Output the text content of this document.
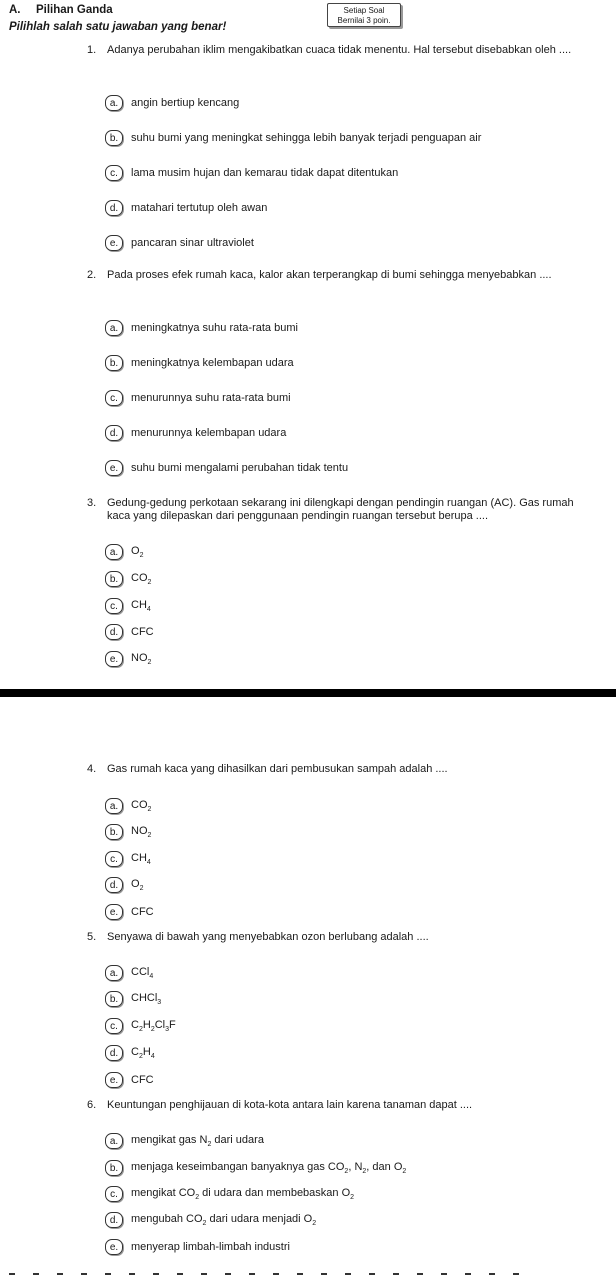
A. Pilihan Ganda
Pilihlah salah satu jawaban yang benar!
Setiap Soal
Bernilai 3 poin.
1. Adanya perubahan iklim mengakibatkan cuaca tidak menentu. Hal tersebut disebabkan oleh ....
a.	angin bertiup kencang
b.	suhu bumi yang meningkat sehingga lebih banyak terjadi penguapan air
c.	lama musim hujan dan kemarau tidak dapat ditentukan
d.	matahari tertutup oleh awan
e.	pancaran sinar ultraviolet
2. Pada proses efek rumah kaca, kalor akan terperangkap di bumi sehingga menyebabkan ....
a.	meningkatnya suhu rata-rata bumi
b.	meningkatnya kelembapan udara
c.	menurunnya suhu rata-rata bumi
d.	menurunnya kelembapan udara
e.	suhu bumi mengalami perubahan tidak tentu
3. Gedung-gedung perkotaan sekarang ini dilengkapi dengan pendingin ruangan (AC). Gas rumah kaca yang dilepaskan dari penggunaan pendingin ruangan tersebut berupa ....
a.	$O_2$
b.	$CO_2$
c.	$CH_4$
d.	CFC
e.	$NO_2$
4. Gas rumah kaca yang dihasilkan dari pembusukan sampah adalah ....
a.	$CO_2$
b.	$NO_2$
c.	$CH_4$
d.	$O_2$
e.	CFC
5. Senyawa di bawah yang menyebabkan ozon berlubang adalah ....
a.	CCl$_4$
b.	CHCl$_3$
c.	$C_2H_2Cl_3F$
d.	$C_2H_4$
e.	CFC
6. Keuntungan penghijauan di kota-kota antara lain karena tanaman dapat ....
a.	mengikat gas $N_2$ dari udara
b.	menjaga keseimbangan banyaknya gas $CO_2$, $N_2$, dan $O_2$
c.	mengikat $CO_2$ di udara dan membebaskan $O_2$
d.	mengubah $CO_2$ dari udara menjadi $O_2$
e.	menyerap limbah-limbah industri
